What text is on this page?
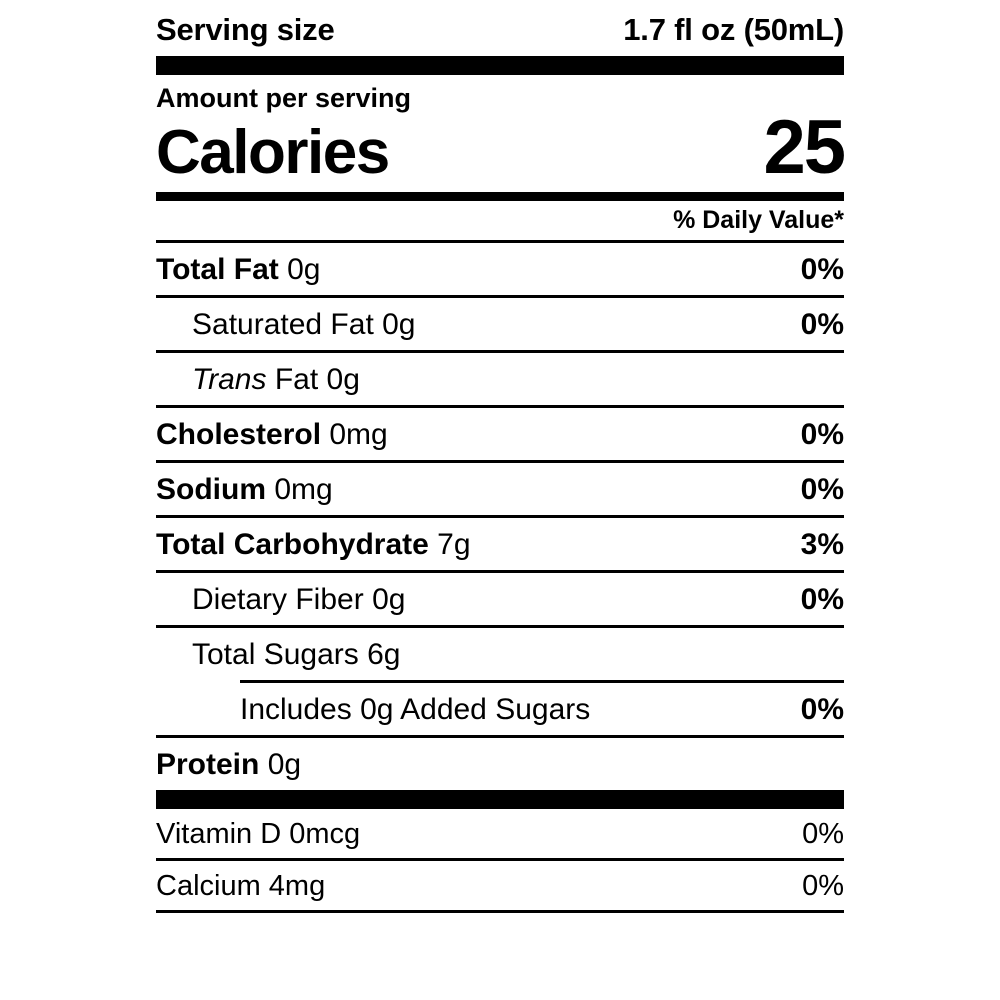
Serving size	1.7 fl oz (50mL)
Amount per serving
Calories	25
% Daily Value*
Total Fat 0g	0%
Saturated Fat 0g	0%
Trans Fat 0g
Cholesterol 0mg	0%
Sodium 0mg	0%
Total Carbohydrate 7g	3%
Dietary Fiber 0g	0%
Total Sugars 6g
Includes 0g Added Sugars	0%
Protein 0g
Vitamin D 0mcg	0%
Calcium 4mg	0%
